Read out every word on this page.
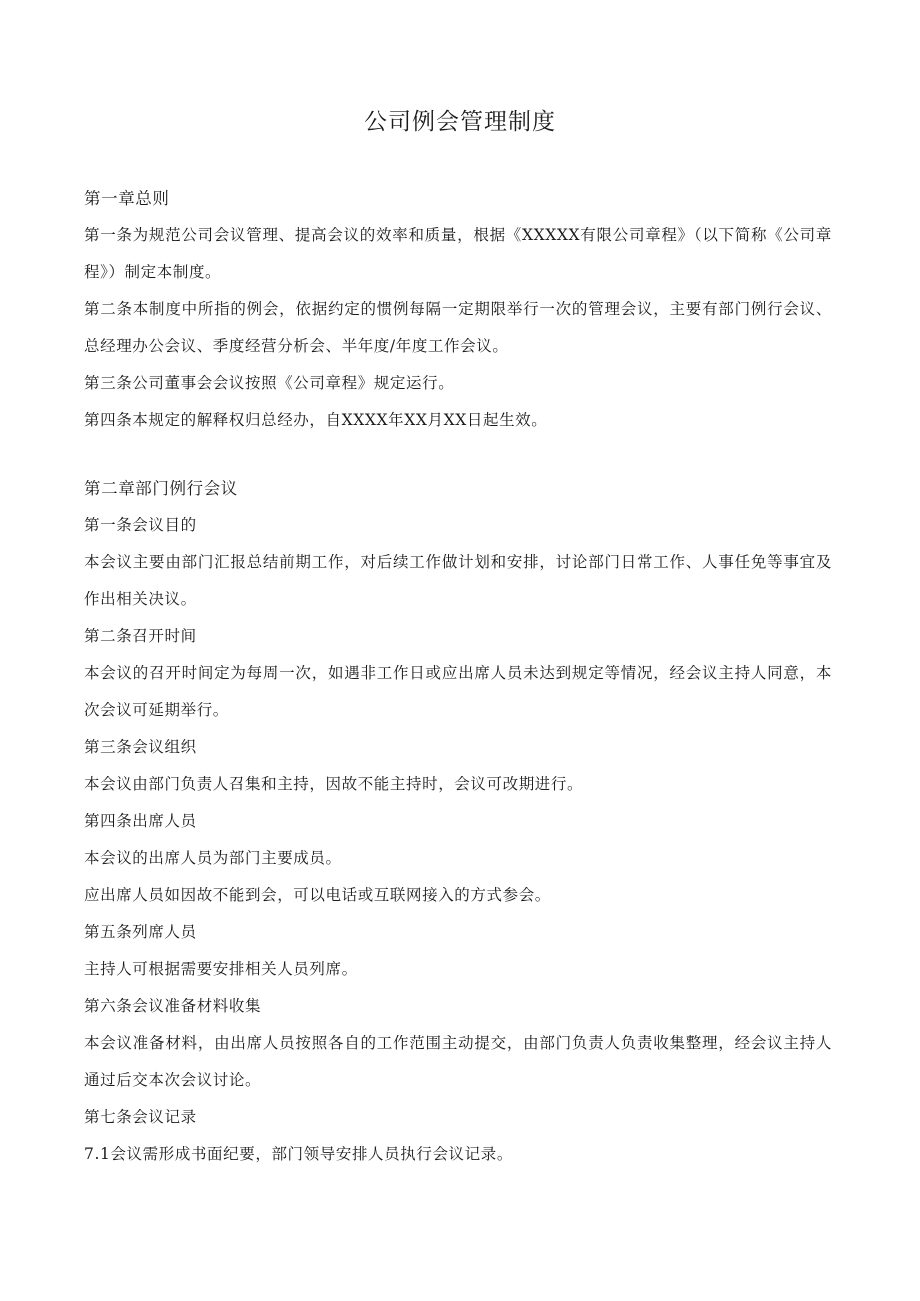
公司例会管理制度

第一章总则

第一条为规范公司会议管理、提高会议的效率和质量，根据《XXXXX有限公司章程》（以下简称《公司章程》）制定本制度。

第二条本制度中所指的例会，依据约定的惯例每隔一定期限举行一次的管理会议，主要有部门例行会议、总经理办公会议、季度经营分析会、半年度/年度工作会议。

第三条公司董事会会议按照《公司章程》规定运行。

第四条本规定的解释权归总经办，自XXXX年XX月XX日起生效。

第二章部门例行会议

第一条会议目的

本会议主要由部门汇报总结前期工作，对后续工作做计划和安排，讨论部门日常工作、人事任免等事宜及作出相关决议。

第二条召开时间

本会议的召开时间定为每周一次，如遇非工作日或应出席人员未达到规定等情况，经会议主持人同意，本次会议可延期举行。

第三条会议组织

本会议由部门负责人召集和主持，因故不能主持时，会议可改期进行。

第四条出席人员

本会议的出席人员为部门主要成员。

应出席人员如因故不能到会，可以电话或互联网接入的方式参会。

第五条列席人员

主持人可根据需要安排相关人员列席。

第六条会议准备材料收集

本会议准备材料，由出席人员按照各自的工作范围主动提交，由部门负责人负责收集整理，经会议主持人通过后交本次会议讨论。

第七条会议记录

7.1会议需形成书面纪要，部门领导安排人员执行会议记录。
